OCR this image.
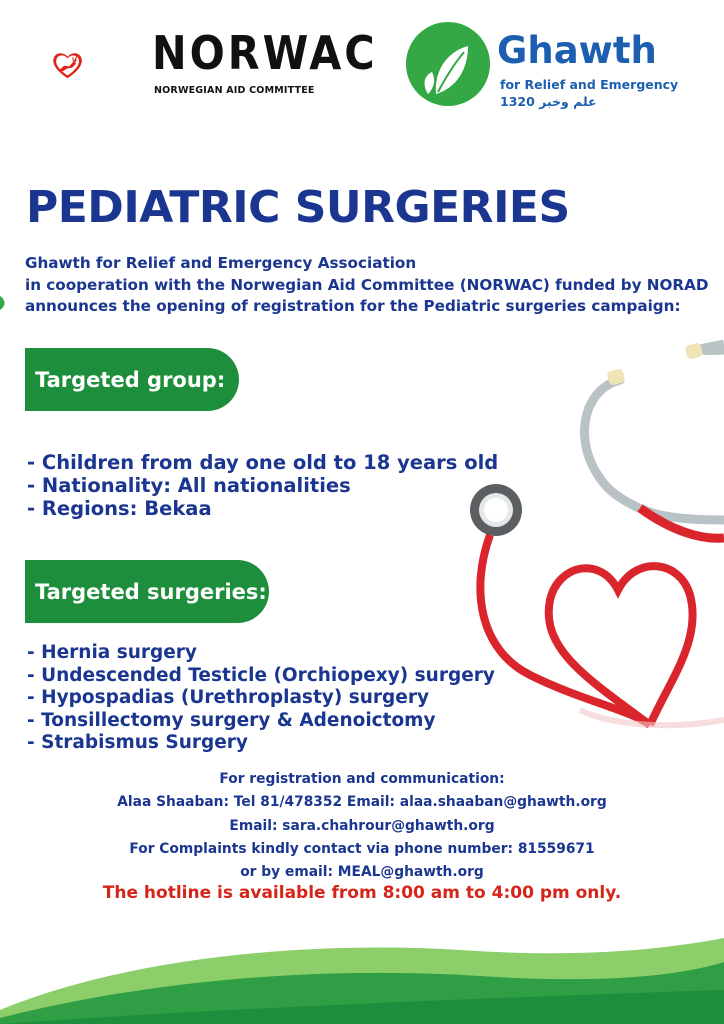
NORWAC
NORWEGIAN AID COMMITTEE
Ghawth
for Relief and Emergency
علم وخبر 1320
PEDIATRIC SURGERIES
Ghawth for Relief and Emergency Association
in cooperation with the Norwegian Aid Committee (NORWAC) funded by NORAD
announces the opening of registration for the Pediatric surgeries campaign:
Targeted group:
- Children from day one old to 18 years old
- Nationality: All nationalities
- Regions: Bekaa
Targeted surgeries:
- Hernia surgery
- Undescended Testicle (Orchiopexy) surgery
- Hypospadias (Urethroplasty) surgery
- Tonsillectomy surgery & Adenoictomy
- Strabismus Surgery
For registration and communication:
Alaa Shaaban: Tel 81/478352 Email: alaa.shaaban@ghawth.org
Email: sara.chahrour@ghawth.org
For Complaints kindly contact via phone number: 81559671
or by email: MEAL@ghawth.org
The hotline is available from 8:00 am to 4:00 pm only.
